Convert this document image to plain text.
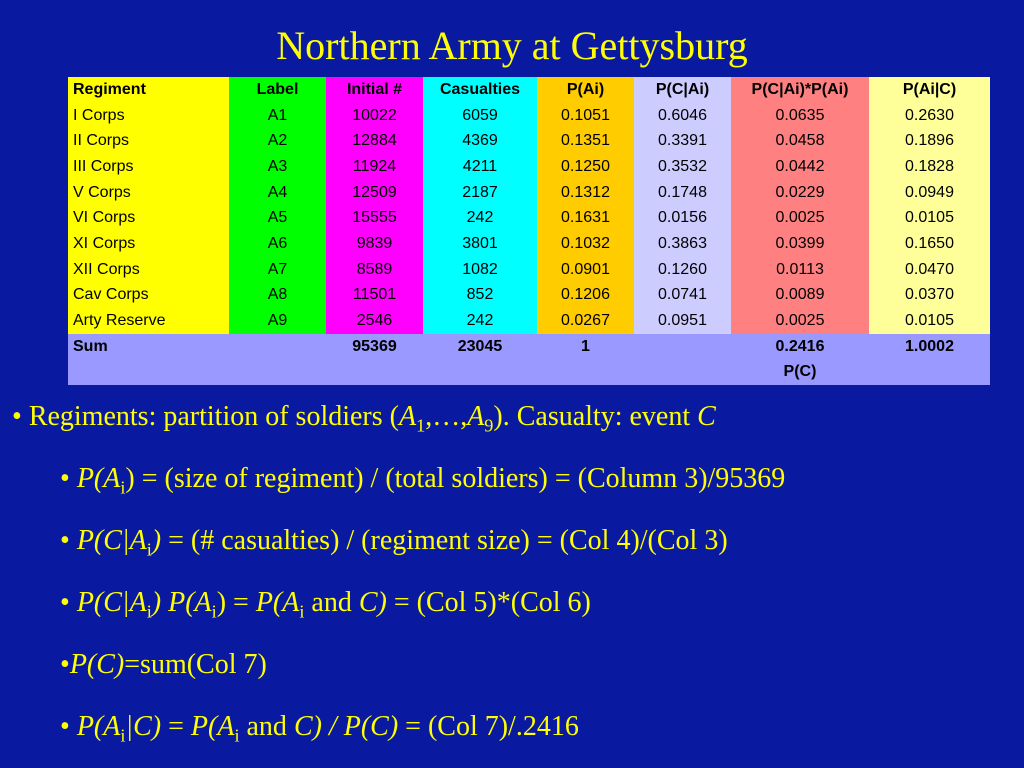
Northern Army at Gettysburg
Regiment	Label	Initial #	Casualties	P(Ai)	P(C|Ai)	P(C|Ai)*P(Ai)	P(Ai|C)
I Corps	A1	10022	6059	0.1051	0.6046	0.0635	0.2630
II Corps	A2	12884	4369	0.1351	0.3391	0.0458	0.1896
III Corps	A3	11924	4211	0.1250	0.3532	0.0442	0.1828
V Corps	A4	12509	2187	0.1312	0.1748	0.0229	0.0949
VI Corps	A5	15555	242	0.1631	0.0156	0.0025	0.0105
XI Corps	A6	9839	3801	0.1032	0.3863	0.0399	0.1650
XII Corps	A7	8589	1082	0.0901	0.1260	0.0113	0.0470
Cav Corps	A8	11501	852	0.1206	0.0741	0.0089	0.0370
Arty Reserve	A9	2546	242	0.0267	0.0951	0.0025	0.0105
Sum		95369	23045	1		0.2416	1.0002
						P(C)	
• Regiments: partition of soldiers $(A_1,\dots,A_9)$. Casualty: event C
• $P(A_i)$ = (size of regiment) / (total soldiers) = (Column 3)/95369
• $P(C|A_i)$ = (# casualties) / (regiment size) = (Col 4)/(Col 3)
• $P(C|A_i) P(A_i) = P(A_i$ and C) = (Col 5)*(Col 6)
•P(C)=sum(Col 7)
• $P(A_i|C) = P(A_i$ and C) / P(C) = (Col 7)/.2416
